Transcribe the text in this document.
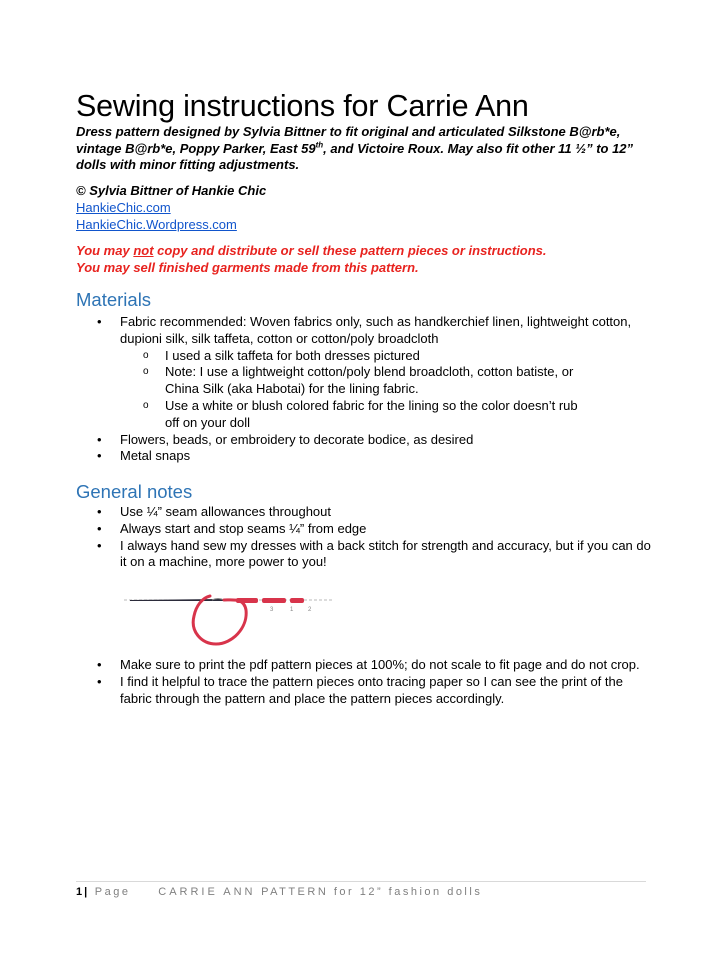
Sewing instructions for Carrie Ann
Dress pattern designed by Sylvia Bittner to fit original and articulated Silkstone B@rb*e, vintage B@rb*e, Poppy Parker, East 59th, and Victoire Roux. May also fit other 11 ½” to 12” dolls with minor fitting adjustments.
© Sylvia Bittner of Hankie Chic
HankieChic.com
HankieChic.Wordpress.com
You may not copy and distribute or sell these pattern pieces or instructions.
You may sell finished garments made from this pattern.
Materials
• Fabric recommended: Woven fabrics only, such as handkerchief linen, lightweight cotton, dupioni silk, silk taffeta, cotton or cotton/poly broadcloth
o I used a silk taffeta for both dresses pictured
o Note: I use a lightweight cotton/poly blend broadcloth, cotton batiste, or China Silk (aka Habotai) for the lining fabric.
o Use a white or blush colored fabric for the lining so the color doesn’t rub off on your doll
• Flowers, beads, or embroidery to decorate bodice, as desired
• Metal snaps
General notes
• Use ¼” seam allowances throughout
• Always start and stop seams ¼” from edge
• I always hand sew my dresses with a back stitch for strength and accuracy, but if you can do it on a machine, more power to you!
• Make sure to print the pdf pattern pieces at 100%; do not scale to fit page and do not crop.
• I find it helpful to trace the pattern pieces onto tracing paper so I can see the print of the fabric through the pattern and place the pattern pieces accordingly.
3	1 2
1 | Page	CARRIE ANN PATTERN for 12” fashion dolls
